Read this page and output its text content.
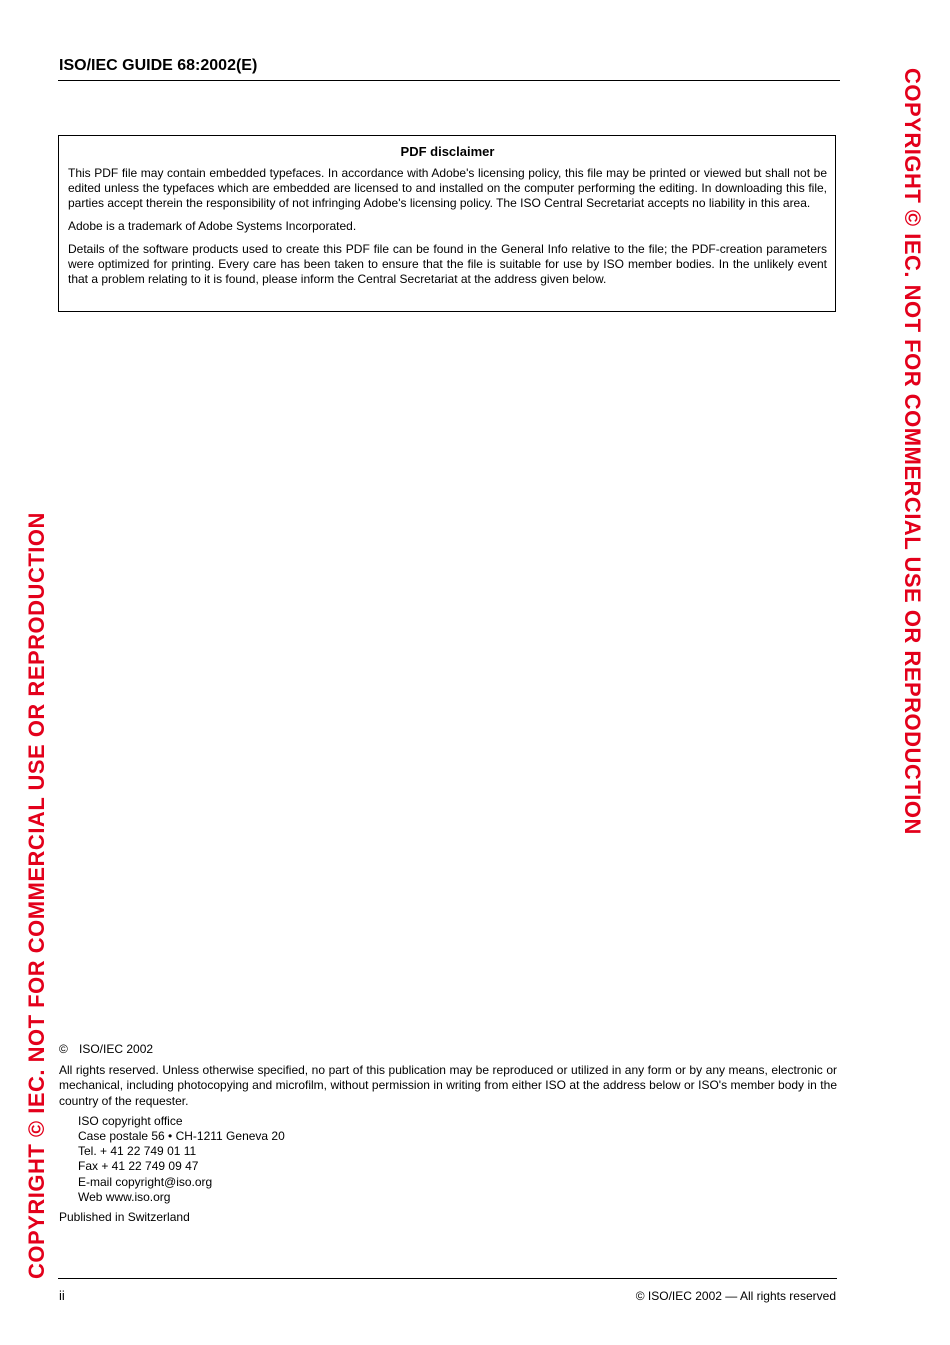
ISO/IEC GUIDE 68:2002(E)
PDF disclaimer

This PDF file may contain embedded typefaces. In accordance with Adobe's licensing policy, this file may be printed or viewed but shall not be edited unless the typefaces which are embedded are licensed to and installed on the computer performing the editing. In downloading this file, parties accept therein the responsibility of not infringing Adobe's licensing policy. The ISO Central Secretariat accepts no liability in this area.

Adobe is a trademark of Adobe Systems Incorporated.

Details of the software products used to create this PDF file can be found in the General Info relative to the file; the PDF-creation parameters were optimized for printing. Every care has been taken to ensure that the file is suitable for use by ISO member bodies. In the unlikely event that a problem relating to it is found, please inform the Central Secretariat at the address given below.

COPYRIGHT © IEC. NOT FOR COMMERCIAL USE OR REPRODUCTION
COPYRIGHT © IEC. NOT FOR COMMERCIAL USE OR REPRODUCTION
© ISO/IEC 2002

All rights reserved. Unless otherwise specified, no part of this publication may be reproduced or utilized in any form or by any means, electronic or mechanical, including photocopying and microfilm, without permission in writing from either ISO at the address below or ISO's member body in the country of the requester.

ISO copyright office
Case postale 56 • CH-1211 Geneva 20
Tel. + 41 22 749 01 11
Fax + 41 22 749 09 47
E-mail copyright@iso.org
Web www.iso.org

Published in Switzerland

ii	© ISO/IEC 2002 — All rights reserved
